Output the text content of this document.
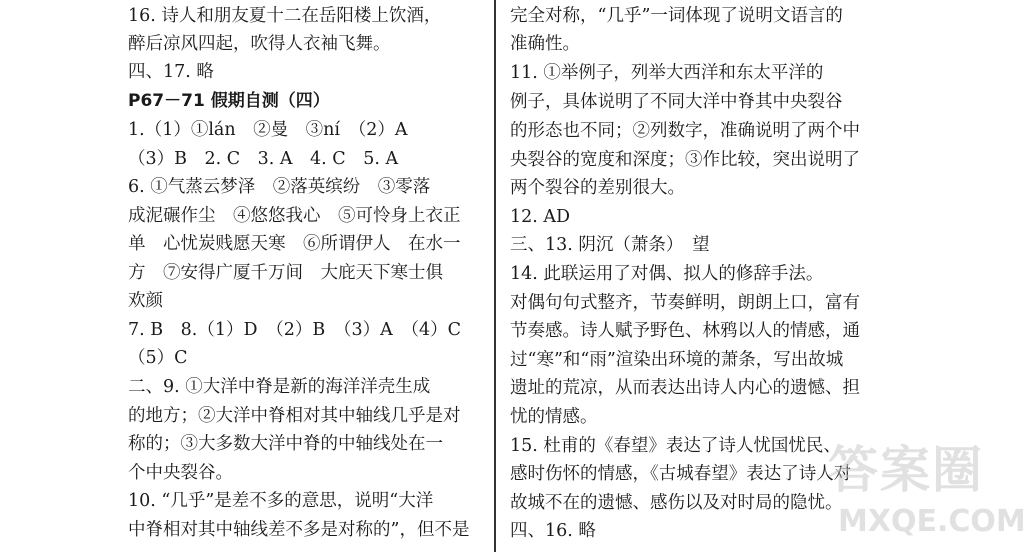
16. 诗人和朋友夏十二在岳阳楼上饮酒，
醉后凉风四起，吹得人衣袖飞舞。
四、17. 略
P67－71 假期自测（四）
1.（1）①lán　②曼　③ní　（2）A
（3）B　2. C　3. A　4. C　5. A
6. ①气蒸云梦泽　②落英缤纷　③零落
成泥碾作尘　④悠悠我心　⑤可怜身上衣正
单　心忧炭贱愿天寒　⑥所谓伊人　在水一
方　⑦安得广厦千万间　大庇天下寒士俱
欢颜
7. B　8.（1）D　（2）B　（3）A　（4）C
（5）C
二、9. ①大洋中脊是新的海洋洋壳生成
的地方；②大洋中脊相对其中轴线几乎是对
称的；③大多数大洋中脊的中轴线处在一
个中央裂谷。
10. “几乎”是差不多的意思，说明“大洋
中脊相对其中轴线差不多是对称的”，但不是
完全对称，“几乎”一词体现了说明文语言的
准确性。
11. ①举例子，列举大西洋和东太平洋的
例子，具体说明了不同大洋中脊其中央裂谷
的形态也不同；②列数字，准确说明了两个中
央裂谷的宽度和深度；③作比较，突出说明了
两个裂谷的差别很大。
12. AD
三、13. 阴沉（萧条）　望
14. 此联运用了对偶、拟人的修辞手法。
对偶句句式整齐，节奏鲜明，朗朗上口，富有
节奏感。诗人赋予野色、林鸦以人的情感，通
过“寒”和“雨”渲染出环境的萧条，写出故城
遗址的荒凉，从而表达出诗人内心的遗憾、担
忧的情感。
15. 杜甫的《春望》表达了诗人忧国忧民、
感时伤怀的情感，《古城春望》表达了诗人对
故城不在的遗憾、感伤以及对时局的隐忧。
四、16. 略
答案圈
MXQE.COM
